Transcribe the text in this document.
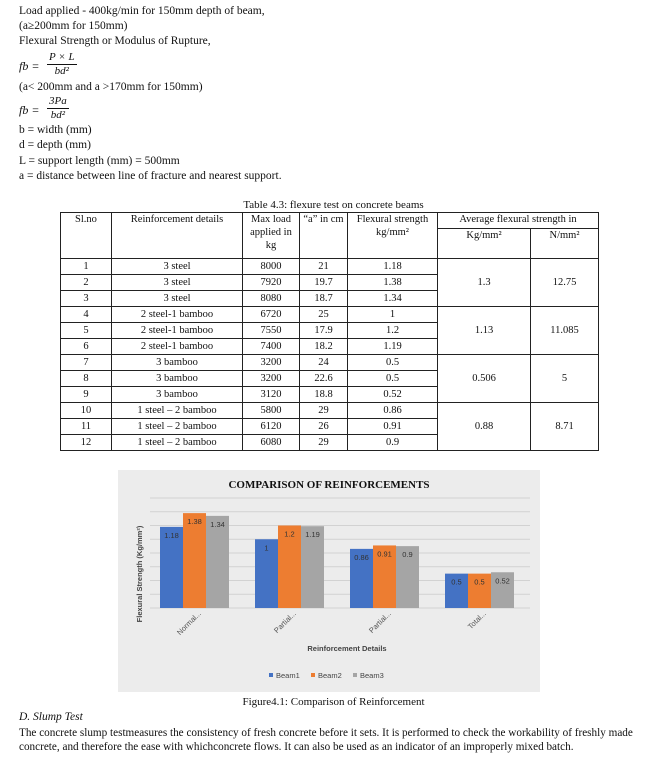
Load applied - 400kg/min for 150mm depth of beam,
(a≥200mm for 150mm)
Flexural Strength or Modulus of Rupture,
fb = $\frac{P \times L}{\text{bd²}}$
(a< 200mm and a >170mm for 150mm)
fb = $\frac{3Pa}{\text{bd²}}$
b = width (mm)
d = depth (mm)
L = support length (mm) = 500mm
a = distance between line of fracture and nearest support.
Table 4.3: flexure test on concrete beams
Sl.no	Reinforcement details	Max load applied in kg	“a” in cm	Flexural strength kg/mm²	Average flexural strength in	
					Kg/mm²	N/mm²
1	3 steel	8000	21	1.18	1.3	12.75
2	3 steel	7920	19.7	1.38		
3	3 steel	8080	18.7	1.34		
4	2 steel-1 bamboo	6720	25	1	1.13	11.085
5	2 steel-1 bamboo	7550	17.9	1.2		
6	2 steel-1 bamboo	7400	18.2	1.19		
7	3 bamboo	3200	24	0.5	0.506	5
8	3 bamboo	3200	22.6	0.5		
9	3 bamboo	3120	18.8	0.52		
10	1 steel – 2 bamboo	5800	29	0.86	0.88	8.71
11	1 steel – 2 bamboo	6120	26	0.91		
12	1 steel – 2 bamboo	6080	29	0.9		
COMPARISON OF REINFORCEMENTS
1.18
1.38 1.34
Normal...
1
1.2 1.19
Partial...
0.86 0.91 0.9
Partial...
0.5 0.5 0.52
Total...
Flexural Strength (Kg/mm²)
Reinforcement Details
Beam1 Beam2 Beam3
Figure4.1: Comparison of Reinforcement
D. Slump Test
The concrete slump testmeasures the consistency of fresh concrete before it sets. It is performed to check the workability of freshly made concrete, and therefore the ease with whichconcrete flows. It can also be used as an indicator of an improperly mixed batch.
